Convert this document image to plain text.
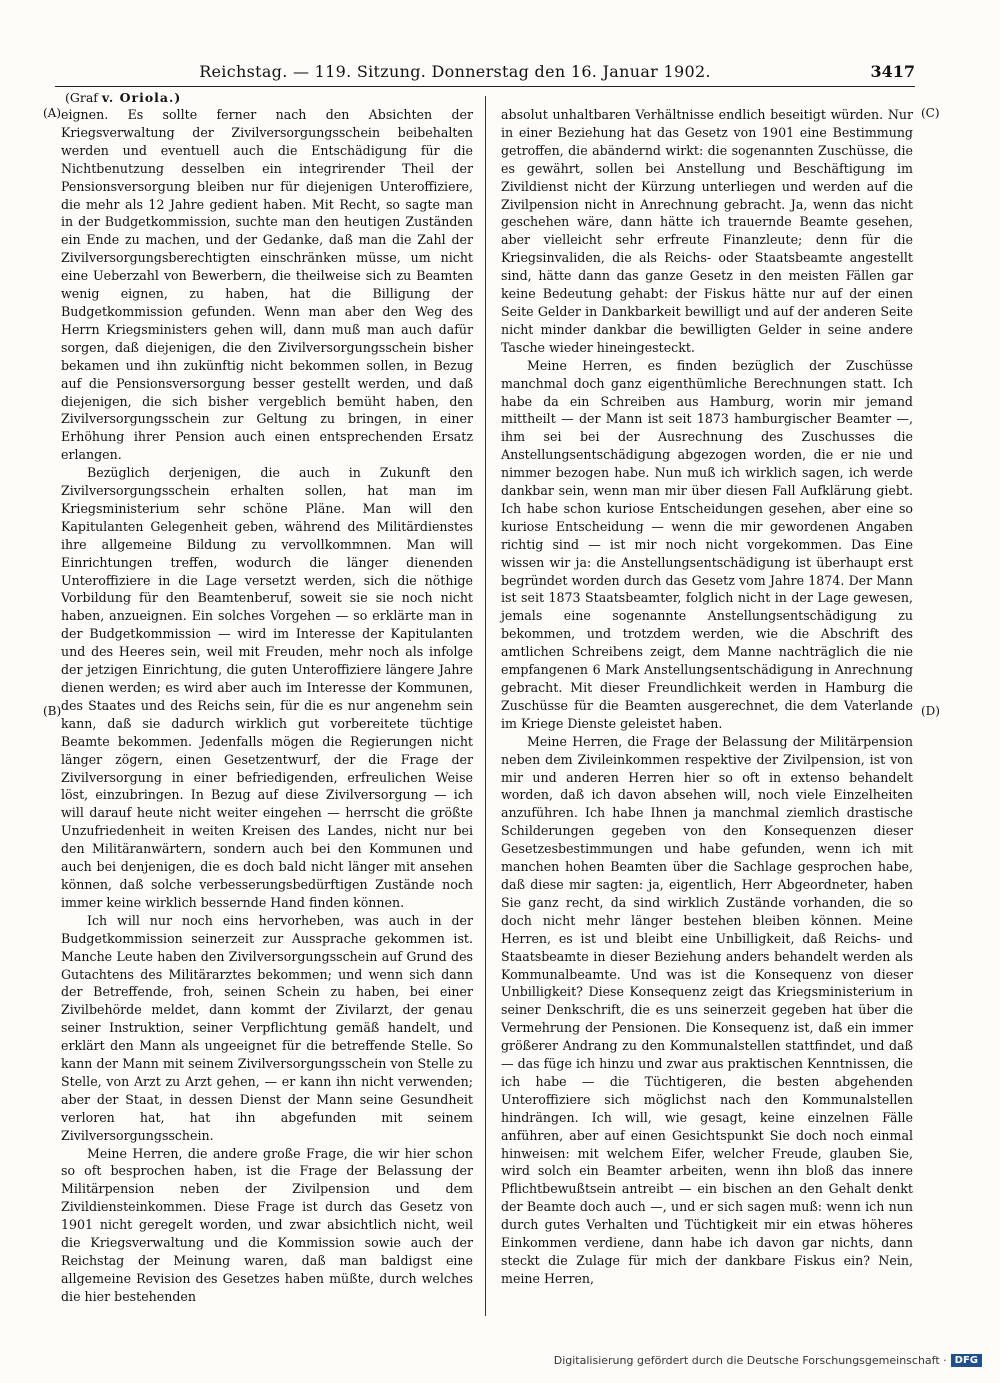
Reichstag. — 119. Sitzung. Donnerstag den 16. Januar 1902.	3417
(Graf v. Oriola.)
(A)
(B)
(C)
(D)

eignen. Es sollte ferner nach den Absichten der Kriegsverwaltung der Zivilversorgungsschein beibehalten werden und eventuell auch die Entschädigung für die Nichtbenutzung desselben ein integrirender Theil der Pensionsversorgung bleiben nur für diejenigen Unteroffiziere, die mehr als 12 Jahre gedient haben. Mit Recht, so sagte man in der Budgetkommission, suchte man den heutigen Zuständen ein Ende zu machen, und der Gedanke, daß man die Zahl der Zivilversorgungsberechtigten einschränken müsse, um nicht eine Ueberzahl von Bewerbern, die theilweise sich zu Beamten wenig eignen, zu haben, hat die Billigung der Budgetkommission gefunden. Wenn man aber den Weg des Herrn Kriegsministers gehen will, dann muß man auch dafür sorgen, daß diejenigen, die den Zivilversorgungsschein bisher bekamen und ihn zukünftig nicht bekommen sollen, in Bezug auf die Pensionsversorgung besser gestellt werden, und daß diejenigen, die sich bisher vergeblich bemüht haben, den Zivilversorgungsschein zur Geltung zu bringen, in einer Erhöhung ihrer Pension auch einen entsprechenden Ersatz erlangen.

Bezüglich derjenigen, die auch in Zukunft den Zivilversorgungsschein erhalten sollen, hat man im Kriegsministerium sehr schöne Pläne. Man will den Kapitulanten Gelegenheit geben, während des Militärdienstes ihre allgemeine Bildung zu vervollkommnen. Man will Einrichtungen treffen, wodurch die länger dienenden Unteroffiziere in die Lage versetzt werden, sich die nöthige Vorbildung für den Beamtenberuf, soweit sie sie noch nicht haben, anzueignen. Ein solches Vorgehen — so erklärte man in der Budgetkommission — wird im Interesse der Kapitulanten und des Heeres sein, weil mit Freuden, mehr noch als infolge der jetzigen Einrichtung, die guten Unteroffiziere längere Jahre dienen werden; es wird aber auch im Interesse der Kommunen, des Staates und des Reichs sein, für die es nur angenehm sein kann, daß sie dadurch wirklich gut vorbereitete tüchtige Beamte bekommen. Jedenfalls mögen die Regierungen nicht länger zögern, einen Gesetzentwurf, der die Frage der Zivilversorgung in einer befriedigenden, erfreulichen Weise löst, einzubringen. In Bezug auf diese Zivilversorgung — ich will darauf heute nicht weiter eingehen — herrscht die größte Unzufriedenheit in weiten Kreisen des Landes, nicht nur bei den Militäranwärtern, sondern auch bei den Kommunen und auch bei denjenigen, die es doch bald nicht länger mit ansehen können, daß solche verbesserungsbedürftigen Zustände noch immer keine wirklich bessernde Hand finden können.

Ich will nur noch eins hervorheben, was auch in der Budgetkommission seinerzeit zur Aussprache gekommen ist. Manche Leute haben den Zivilversorgungsschein auf Grund des Gutachtens des Militärarztes bekommen; und wenn sich dann der Betreffende, froh, seinen Schein zu haben, bei einer Zivilbehörde meldet, dann kommt der Zivilarzt, der genau seiner Instruktion, seiner Verpflichtung gemäß handelt, und erklärt den Mann als ungeeignet für die betreffende Stelle. So kann der Mann mit seinem Zivilversorgungsschein von Stelle zu Stelle, von Arzt zu Arzt gehen, — er kann ihn nicht verwenden; aber der Staat, in dessen Dienst der Mann seine Gesundheit verloren hat, hat ihn abgefunden mit seinem Zivilversorgungsschein.

Meine Herren, die andere große Frage, die wir hier schon so oft besprochen haben, ist die Frage der Belassung der Militärpension neben der Zivilpension und dem Zivildiensteinkommen. Diese Frage ist durch das Gesetz von 1901 nicht geregelt worden, und zwar absichtlich nicht, weil die Kriegsverwaltung und die Kommission sowie auch der Reichstag der Meinung waren, daß man baldigst eine allgemeine Revision des Gesetzes haben müßte, durch welches die hier bestehenden

absolut unhaltbaren Verhältnisse endlich beseitigt würden. Nur in einer Beziehung hat das Gesetz von 1901 eine Bestimmung getroffen, die abändernd wirkt: die sogenannten Zuschüsse, die es gewährt, sollen bei Anstellung und Beschäftigung im Zivildienst nicht der Kürzung unterliegen und werden auf die Zivilpension nicht in Anrechnung gebracht. Ja, wenn das nicht geschehen wäre, dann hätte ich trauernde Beamte gesehen, aber vielleicht sehr erfreute Finanzleute; denn für die Kriegsinvaliden, die als Reichs- oder Staatsbeamte angestellt sind, hätte dann das ganze Gesetz in den meisten Fällen gar keine Bedeutung gehabt: der Fiskus hätte nur auf der einen Seite Gelder in Dankbarkeit bewilligt und auf der anderen Seite nicht minder dankbar die bewilligten Gelder in seine andere Tasche wieder hineingesteckt.

Meine Herren, es finden bezüglich der Zuschüsse manchmal doch ganz eigenthümliche Berechnungen statt. Ich habe da ein Schreiben aus Hamburg, worin mir jemand mittheilt — der Mann ist seit 1873 hamburgischer Beamter —, ihm sei bei der Ausrechnung des Zuschusses die Anstellungsentschädigung abgezogen worden, die er nie und nimmer bezogen habe. Nun muß ich wirklich sagen, ich werde dankbar sein, wenn man mir über diesen Fall Aufklärung giebt. Ich habe schon kuriose Entscheidungen gesehen, aber eine so kuriose Entscheidung — wenn die mir gewordenen Angaben richtig sind — ist mir noch nicht vorgekommen. Das Eine wissen wir ja: die Anstellungsentschädigung ist überhaupt erst begründet worden durch das Gesetz vom Jahre 1874. Der Mann ist seit 1873 Staatsbeamter, folglich nicht in der Lage gewesen, jemals eine sogenannte Anstellungsentschädigung zu bekommen, und trotzdem werden, wie die Abschrift des amtlichen Schreibens zeigt, dem Manne nachträglich die nie empfangenen 6 Mark Anstellungsentschädigung in Anrechnung gebracht. Mit dieser Freundlichkeit werden in Hamburg die Zuschüsse für die Beamten ausgerechnet, die dem Vaterlande im Kriege Dienste geleistet haben.

Meine Herren, die Frage der Belassung der Militärpension neben dem Zivileinkommen respektive der Zivilpension, ist von mir und anderen Herren hier so oft in extenso behandelt worden, daß ich davon absehen will, noch viele Einzelheiten anzuführen. Ich habe Ihnen ja manchmal ziemlich drastische Schilderungen gegeben von den Konsequenzen dieser Gesetzesbestimmungen und habe gefunden, wenn ich mit manchen hohen Beamten über die Sachlage gesprochen habe, daß diese mir sagten: ja, eigentlich, Herr Abgeordneter, haben Sie ganz recht, da sind wirklich Zustände vorhanden, die so doch nicht mehr länger bestehen bleiben können. Meine Herren, es ist und bleibt eine Unbilligkeit, daß Reichs- und Staatsbeamte in dieser Beziehung anders behandelt werden als Kommunalbeamte. Und was ist die Konsequenz von dieser Unbilligkeit? Diese Konsequenz zeigt das Kriegsministerium in seiner Denkschrift, die es uns seinerzeit gegeben hat über die Vermehrung der Pensionen. Die Konsequenz ist, daß ein immer größerer Andrang zu den Kommunalstellen stattfindet, und daß — das füge ich hinzu und zwar aus praktischen Kenntnissen, die ich habe — die Tüchtigeren, die besten abgehenden Unteroffiziere sich möglichst nach den Kommunalstellen hindrängen. Ich will, wie gesagt, keine einzelnen Fälle anführen, aber auf einen Gesichtspunkt Sie doch noch einmal hinweisen: mit welchem Eifer, welcher Freude, glauben Sie, wird solch ein Beamter arbeiten, wenn ihn bloß das innere Pflichtbewußtsein antreibt — ein bischen an den Gehalt denkt der Beamte doch auch —, und er sich sagen muß: wenn ich nun durch gutes Verhalten und Tüchtigkeit mir ein etwas höheres Einkommen verdiene, dann habe ich davon gar nichts, dann steckt die Zulage für mich der dankbare Fiskus ein? Nein, meine Herren,

Digitalisierung gefördert durch die Deutsche Forschungsgemeinschaft · DFG
